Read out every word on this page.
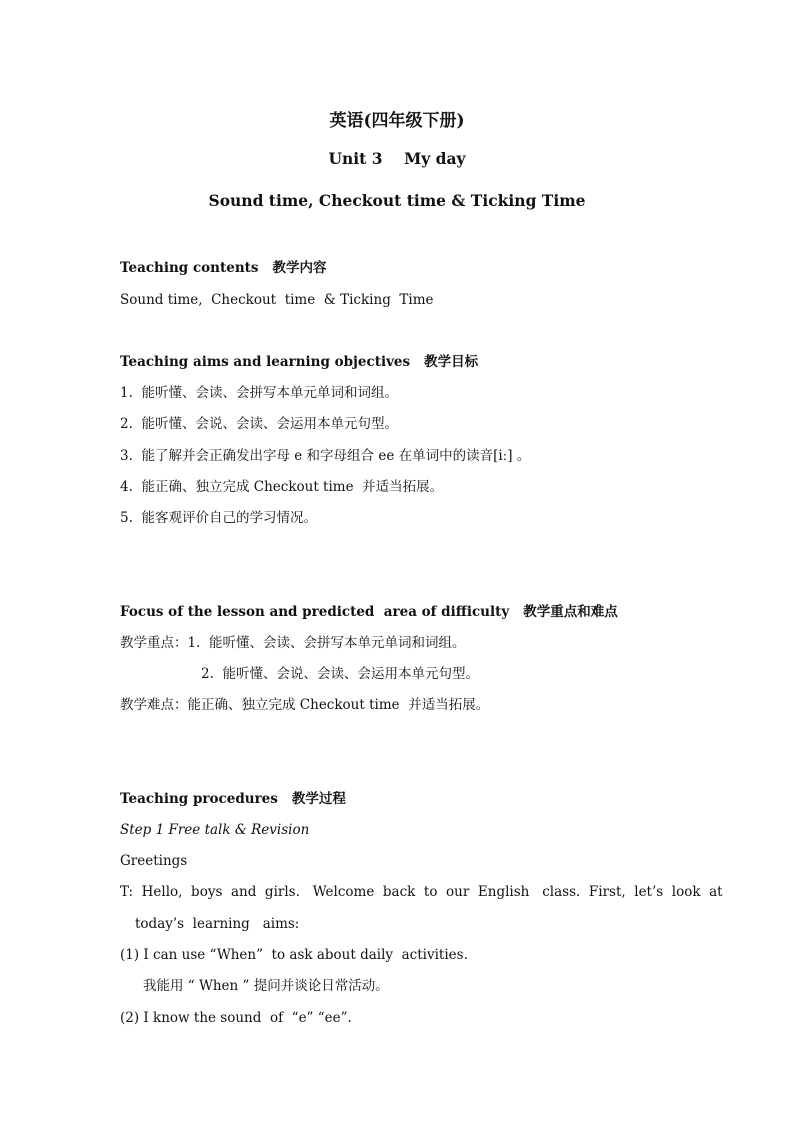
英语(四年级下册)
Unit 3    My day
Sound time, Checkout time & Ticking Time
Teaching contents 教学内容
Sound time,  Checkout  time  & Ticking  Time
Teaching aims and learning objectives 教学目标
1.  能听懂、会读、会拼写本单元单词和词组。
2.  能听懂、会说、会读、会运用本单元句型。
3.  能了解并会正确发出字母 e 和字母组合 ee 在单词中的读音[iː] 。
4.  能正确、独立完成 Checkout time  并适当拓展。
5.  能客观评价自己的学习情况。
Focus of the lesson and predicted  area of difficulty 教学重点和难点
教学重点：1.  能听懂、会读、会拼写本单元单词和词组。
2.  能听懂、会说、会读、会运用本单元句型。
教学难点：能正确、独立完成 Checkout time  并适当拓展。
Teaching procedures 教学过程
Step 1 Free talk & Revision
Greetings
T:  Hello,  boys  and  girls.   Welcome  back  to  our  English   class.  First,  let’s  look  at
today’s  learning   aims:
(1) I can use “When”  to ask about daily  activities.
我能用 “ When ” 提问并谈论日常活动。
(2) I know the sound  of  “e” “ee”.
